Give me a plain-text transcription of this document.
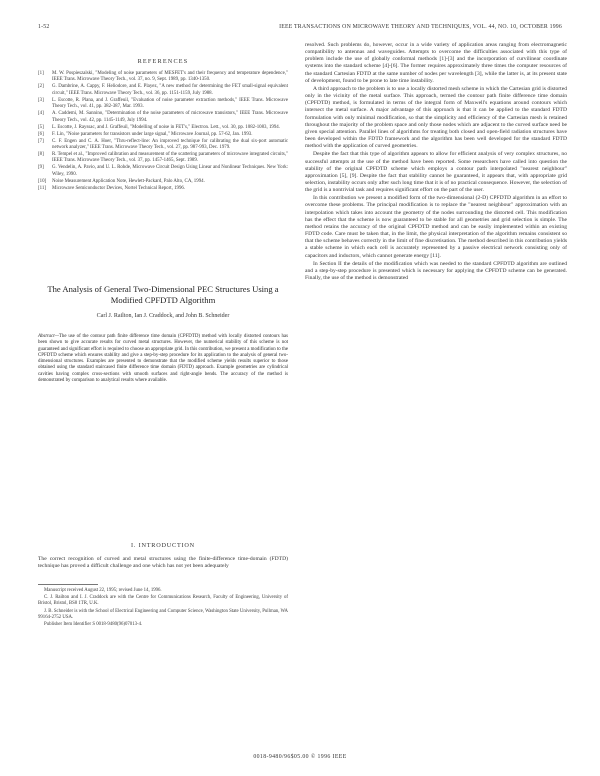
1-52	IEEE TRANSACTIONS ON MICROWAVE THEORY AND TECHNIQUES, VOL. 44, NO. 10, OCTOBER 1996
REFERENCES
[1]	M. W. Pospieszalski, "Modeling of noise parameters of MESFET's and their frequency and temperature dependence," IEEE Trans. Microwave Theory Tech., vol. 37, no. 9, Sept. 1989, pp. 1340-1350.
[2]	G. Dambrine, A. Cappy, F. Heliodore, and E. Playez, "A new method for determining the FET small-signal equivalent circuit," IEEE Trans. Microwave Theory Tech., vol. 36, pp. 1151-1159, July 1988.
[3]	L. Escotte, R. Plana, and J. Graffeuil, "Evaluation of noise parameter extraction methods," IEEE Trans. Microwave Theory Tech., vol. 41, pp. 382-387, Mar. 1993.
[4]	A. Caddemi, M. Sannino, "Determination of the noise parameters of microwave transistors," IEEE Trans. Microwave Theory Tech., vol. 42, pp. 1145-1149, July 1994.
[5]	L. Escotte, J. Rayssac, and J. Graffeuil, "Modelling of noise in FET's," Electron. Lett., vol. 30, pp. 1082-1083, 1994.
[6]	F. Lin, "Noise parameters for transistors under large signal," Microwave Journal, pp. 57-62, Jan. 1993.
[7]	C. F. Engen and C. A. Hoer, "Thru-reflect-line: An improved technique for calibrating the dual six-port automatic network analyzer," IEEE Trans. Microwave Theory Tech., vol. 27, pp. 987-993, Dec. 1979.
[8]	R. Tempel et al., "Improved calibration and measurement of the scattering parameters of microwave integrated circuits," IEEE Trans. Microwave Theory Tech., vol. 37, pp. 1457-1465, Sept. 1989.
[9]	G. Vendelin, A. Pavio, and U. L. Rohde, Microwave Circuit Design Using Linear and Nonlinear Techniques. New York: Wiley, 1990.
[10]	Noise Measurement Application Note, Hewlett-Packard, Palo Alto, CA, 1994.
[11]	Microwave Semiconductor Devices, Nortel Technical Report, 1996.
The Analysis of General Two-Dimensional PEC Structures Using a Modified CPFDTD Algorithm
Carl J. Railton, Ian J. Craddock, and John B. Schneider
Abstract—The use of the contour path finite difference time domain (CPFDTD) method with locally distorted contours has been shown to give accurate results for curved metal structures. However, the numerical stability of this scheme is not guaranteed and significant effort is required to choose an appropriate grid. In this contribution, we present a modification to the CPFDTD scheme which ensures stability and give a step-by-step procedure for its application to the analysis of general two-dimensional structures. Examples are presented to demonstrate that the modified scheme yields results superior to those obtained using the standard staircased finite difference time domain (FDTD) approach. Example geometries are cylindrical cavities having complex cross-sections with smooth surfaces and right-angle bends. The accuracy of the method is demonstrated by comparison to analytical results where available.
I. INTRODUCTION
The correct recognition of curved and metal structures using the finite-difference time-domain (FDTD) technique has proved a difficult challenge and one which has not yet been adequately

Manuscript received August 22, 1995; revised June 14, 1996.

C. J. Railton and I. J. Craddock are with the Centre for Communications Research, Faculty of Engineering, University of Bristol, Bristol, BS8 1TR, U.K.

J. B. Schneider is with the School of Electrical Engineering and Computer Science, Washington State University, Pullman, WA 99164-2752 USA.

Publisher Item Identifier S 0018-9480(96)07013-4.

resolved. Such problems do, however, occur in a wide variety of application areas ranging from electromagnetic compatibility to antennas and waveguides. Attempts to overcome the difficulties associated with this type of problem include the use of globally conformal methods [1]-[3] and the incorporation of curvilinear coordinate systems into the standard scheme [4]-[6]. The former requires approximately three times the computer resources of the standard Cartesian FDTD at the same number of nodes per wavelength [3], while the latter is, at its present state of development, found to be prone to late time instability.

A third approach to the problem is to use a locally distorted mesh scheme in which the Cartesian grid is distorted only in the vicinity of the metal surface. This approach, termed the contour path finite difference time domain (CPFDTD) method, is formulated in terms of the integral form of Maxwell's equations around contours which intersect the metal surface. A major advantage of this approach is that it can be applied to the standard FDTD formulation with only minimal modification, so that the simplicity and efficiency of the Cartesian mesh is retained throughout the majority of the problem space and only those nodes which are adjacent to the curved surface need be given special attention. Parallel lines of algorithms for treating both closed and open-field radiation structures have been developed within the FDTD framework and the algorithm has been well developed for the standard FDTD method with the application of curved geometries.

Despite the fact that this type of algorithm appears to allow for efficient analysis of very complex structures, no successful attempts at the use of the method have been reported. Some researchers have called into question the stability of the original CPFDTD scheme which employs a contour path interpolated "nearest neighbour" approximation [5], [9]. Despite the fact that stability cannot be guaranteed, it appears that, with appropriate grid selection, instability occurs only after such long time that it is of no practical consequence. However, the selection of the grid is a nontrivial task and requires significant effort on the part of the user.

In this contribution we present a modified form of the two-dimensional (2-D) CPFDTD algorithm in an effort to overcome these problems. The principal modification is to replace the "nearest neighbour" approximation with an interpolation which takes into account the geometry of the nodes surrounding the distorted cell. This modification has the effect that the scheme is now guaranteed to be stable for all geometries and grid selection is simple. The method retains the accuracy of the original CPFDTD method and can be easily implemented within an existing FDTD code. Care must be taken that, in the limit, the physical interpretation of the algorithm remains consistent so that the scheme behaves correctly in the limit of fine discretisation. The method described in this contribution yields a stable scheme in which each cell is accurately represented by a passive electrical network consisting only of capacitors and inductors, which cannot generate energy [11].

In Section II the details of the modification which was needed to the standard CPFDTD algorithm are outlined and a step-by-step procedure is presented which is necessary for applying the CPFDTD scheme can be generated. Finally, the use of the method is demonstrated

0018-9480/96$05.00 © 1996 IEEE
